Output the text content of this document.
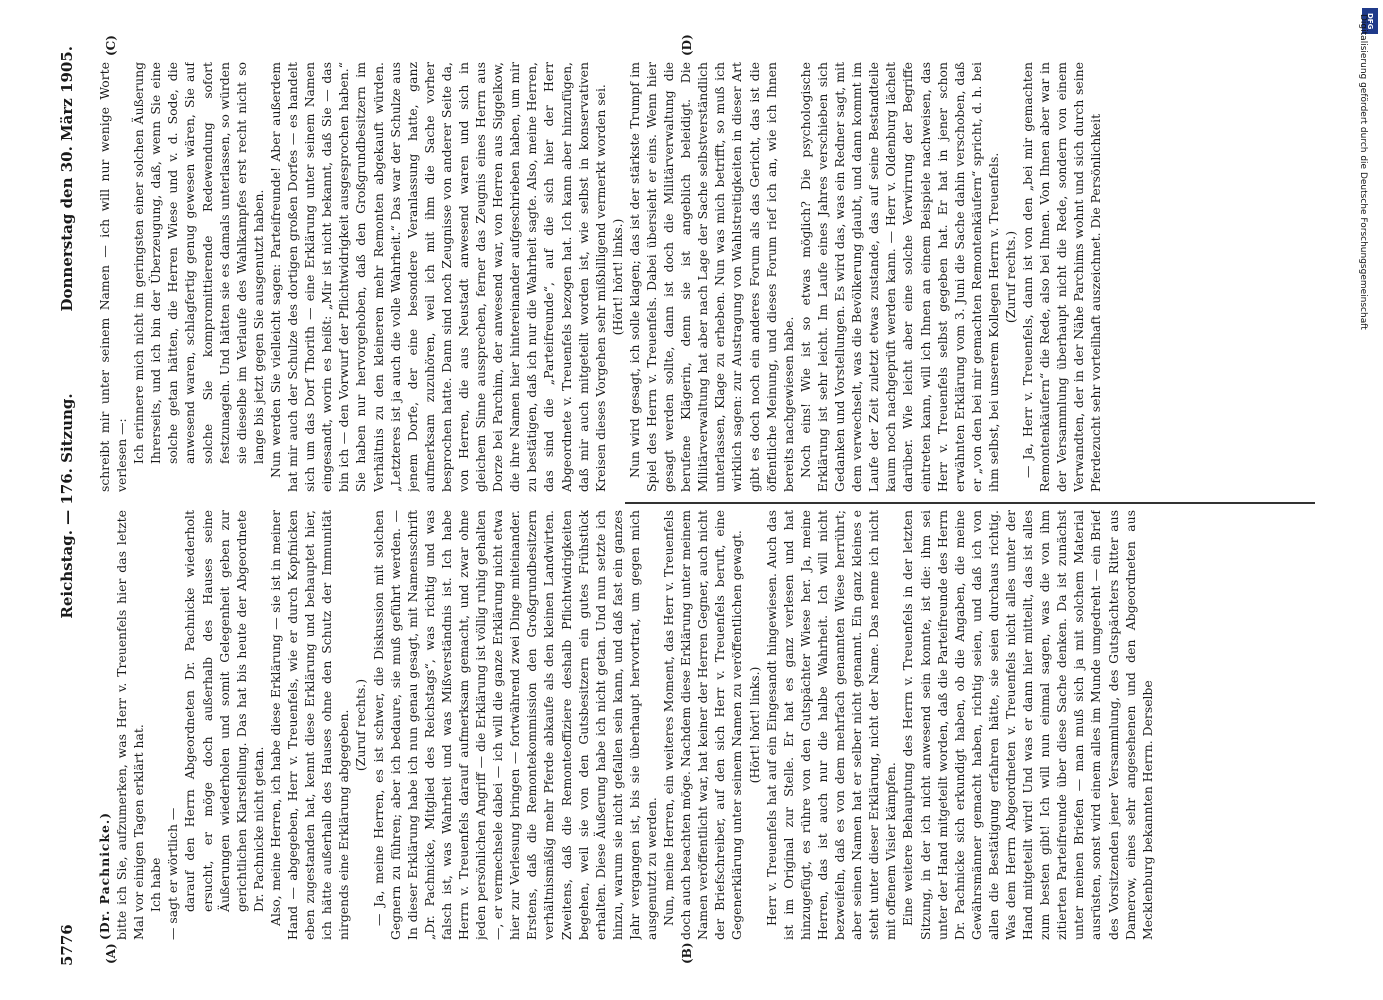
5776
Reichstag. — 176. Sitzung.
Donnerstag den 30. März 1905.
(A)	(B)
(C)	(D)

(Dr. Pachnicke.) bitte ich Sie, aufzumerken, was Herr v. Treuenfels hier das letzte Mal vor einigen Tagen erklärt hat. Ich habe — sagt er wörtlich — darauf den Herrn Abgeordneten Dr. Pachnicke wiederholt ersucht, er möge doch außerhalb des Hauses seine Äußerungen wiederholen und somit Gelegenheit geben zur gerichtlichen Klarstellung. Das hat bis heute der Abgeordnete Dr. Pachnicke nicht getan. Also, meine Herren, ich habe diese Erklärung — sie ist in meiner Hand — abgegeben, Herr v. Treuenfels, wie er durch Kopfnicken eben zugestanden hat, kennt diese Erklärung und behauptet hier, ich hätte außerhalb des Hauses ohne den Schutz der Immunität nirgends eine Erklärung abgegeben. (Zuruf rechts.) — Ja, meine Herren, es ist schwer, die Diskussion mit solchen Gegnern zu führen; aber ich bedaure, sie muß geführt werden. — In dieser Erklärung habe ich nun genau gesagt, mit Namensschrift „Dr. Pachnicke, Mitglied des Reichstags“, was richtig und was falsch ist, was Wahrheit und was Mißverständnis ist. Ich habe Herrn v. Treuenfels darauf aufmerksam gemacht, und zwar ohne jeden persönlichen Angriff — die Erklärung ist völlig ruhig gehalten —, er vermechsele dabei — ich will die ganze Erklärung nicht etwa hier zur Verlesung bringen — fortwährend zwei Dinge miteinander. Erstens, daß die Remontekommission den Großgrundbesitzern verhältnismäßig mehr Pferde abkaufe als den kleinen Landwirten. Zweitens, daß die Remonteoffiziere deshalb Pflichtwidrigkeiten begehen, weil sie von den Gutsbesitzern ein gutes Frühstück erhalten. Diese Äußerung habe ich nicht getan. Und nun setzte ich hinzu, warum sie nicht gefallen sein kann, und daß fast ein ganzes Jahr vergangen ist, bis sie überhaupt hervortrat, um gegen mich ausgenutzt zu werden. Nun, meine Herren, ein weiteres Moment, das Herr v. Treuenfels doch auch beachten möge. Nachdem diese Erklärung unter meinem Namen veröffentlicht war, hat keiner der Herren Gegner, auch nicht der Briefschreiber, auf den sich Herr v. Treuenfels beruft, eine Gegenerklärung unter seinem Namen zu veröffentlichen gewagt. (Hört! hört! links.) Herr v. Treuenfels hat auf ein Eingesandt hingewiesen. Auch das ist im Original zur Stelle. Er hat es ganz verlesen und hat hinzugefügt, es rühre von den Gutspächter Wiese her. Ja, meine Herren, das ist auch nur die halbe Wahrheit. Ich will nicht bezweifeln, daß es von dem mehrfach genannten Wiese herrührt; aber seinen Namen hat er selber nicht genannt. Ein ganz kleines e steht unter dieser Erklärung, nicht der Name. Das nenne ich nicht mit offenem Visier kämpfen. Eine weitere Behauptung des Herrn v. Treuenfels in der letzten Sitzung, in der ich nicht anwesend sein konnte, ist die: ihm sei unter der Hand mitgeteilt worden, daß die Parteifreunde des Herrn Dr. Pachnicke sich erkundigt haben, ob die Angaben, die meine Gewährsmänner gemacht haben, richtig seien, und daß ich von allen die Bestätigung erfahren hätte, sie seien durchaus richtig. Was dem Herrn Abgeordneten v. Treuenfels nicht alles unter der Hand mitgeteilt wird! Und was er dann hier mitteilt, das ist alles zum besten gibt! Ich will nun einmal sagen, was die von ihm zitierten Parteifreunde über diese Sache denken. Da ist zunächst unter meinen Briefen — man muß sich ja mit solchem Material ausrüsten, sonst wird einem alles im Munde umgedreht — ein Brief des Vorsitzenden jener Versammlung, des Gutspächters Ritter aus Damerow, eines sehr angesehenen und den Abgeordneten aus Mecklenburg bekannten Herrn. Derselbe

schreibt mir unter seinem Namen — ich will nur wenige Worte verlesen —: Ich erinnere mich nicht im geringsten einer solchen Äußerung Ihrerseits, und ich bin der Überzeugung, daß, wenn Sie eine solche getan hätten, die Herren Wiese und v. d. Sode, die anwesend waren, schlagfertig genug gewesen wären, Sie auf solche Sie kompromittierende Redewendung sofort festzunageln. Und hätten sie es damals unterlassen, so würden sie dieselbe im Verlaufe des Wahlkampfes erst recht nicht so lange bis jetzt gegen Sie ausgenutzt haben. Nun werden Sie vielleicht sagen: Parteifreunde! Aber außerdem hat mir auch der Schulze des dortigen großen Dorfes — es handelt sich um das Dorf Thorith — eine Erklärung unter seinem Namen eingesandt, worin es heißt: „Mir ist nicht bekannt, daß Sie — das bin ich — den Vorwurf der Pflichtwidrigkeit ausgesprochen haben.“ Sie haben nur hervorgehoben, daß den Großgrundbesitzern im Verhältnis zu den kleineren mehr Remonten abgekauft würden. „Letzteres ist ja auch die volle Wahrheit.“ Das war der Schulze aus jenem Dorfe, der eine besondere Veranlassung hatte, ganz aufmerksam zuzuhören, weil ich mit ihm die Sache vorher besprochen hatte. Dann sind noch Zeugnisse von anderer Seite da, von Herren, die aus Neustadt anwesend waren und sich in gleichem Sinne aussprechen, ferner das Zeugnis eines Herrn aus Dorze bei Parchim, der anwesend war, von Herren aus Siggelkow, die ihre Namen hier hintereinander aufgeschrieben haben, um mir zu bestätigen, daß ich nur die Wahrheit sagte. Also, meine Herren, das sind die „Parteifreunde“, auf die sich hier der Herr Abgeordnete v. Treuenfels bezogen hat. Ich kann aber hinzufügen, daß mir auch mitgeteilt worden ist, wie selbst in konservativen Kreisen dieses Vorgehen sehr mißbilligend vermerkt worden sei. (Hört! hört! links.) Nun wird gesagt, ich solle klagen; das ist der stärkste Trumpf im Spiel des Herrn v. Treuenfels. Dabei übersieht er eins. Wenn hier gesagt werden sollte, dann ist doch die Militärverwaltung die berufene Klägerin, denn sie ist angeblich beleidigt. Die Militärverwaltung hat aber nach Lage der Sache selbstverständlich unterlassen, Klage zu erheben. Nun was mich betrifft, so muß ich wirklich sagen: zur Austragung von Wahlstreitigkeiten in dieser Art gibt es doch noch ein anderes Forum als das Gericht, das ist die öffentliche Meinung, und dieses Forum rief ich an, wie ich Ihnen bereits nachgewiesen habe. Noch eins! Wie ist so etwas möglich? Die psychologische Erklärung ist sehr leicht. Im Laufe eines Jahres verschieben sich Gedanken und Vorstellungen. Es wird das, was ein Redner sagt, mit dem verwechselt, was die Bevölkerung glaubt, und dann kommt im Laufe der Zeit zuletzt etwas zustande, das auf seine Bestandteile kaum noch nachgeprüft werden kann. — Herr v. Oldenburg lächelt darüber. Wie leicht aber eine solche Verwirrung der Begriffe eintreten kann, will ich Ihnen an einem Beispiele nachweisen, das Herr v. Treuenfels selbst gegeben hat. Er hat in jener schon erwähnten Erklärung vom 3. Juni die Sache dahin verschoben, daß er „von den bei mir gemachten Remontenkäufern“ spricht, d. h. bei ihm selbst, bei unserem Kollegen Herrn v. Treuenfels. (Zuruf rechts.) — Ja, Herr v. Treuenfels, dann ist von den „bei mir gemachten Remontenkäufern“ die Rede, also bei Ihnen. Von Ihnen aber war in der Versammlung überhaupt nicht die Rede, sondern von einem Verwandten, der in der Nähe Parchims wohnt und sich durch seine Pferdezucht sehr vorteilhaft auszeichnet. Die Persönlichkeit

DFG
Digitalisierung gefördert durch die Deutsche Forschungsgemeinschaft
